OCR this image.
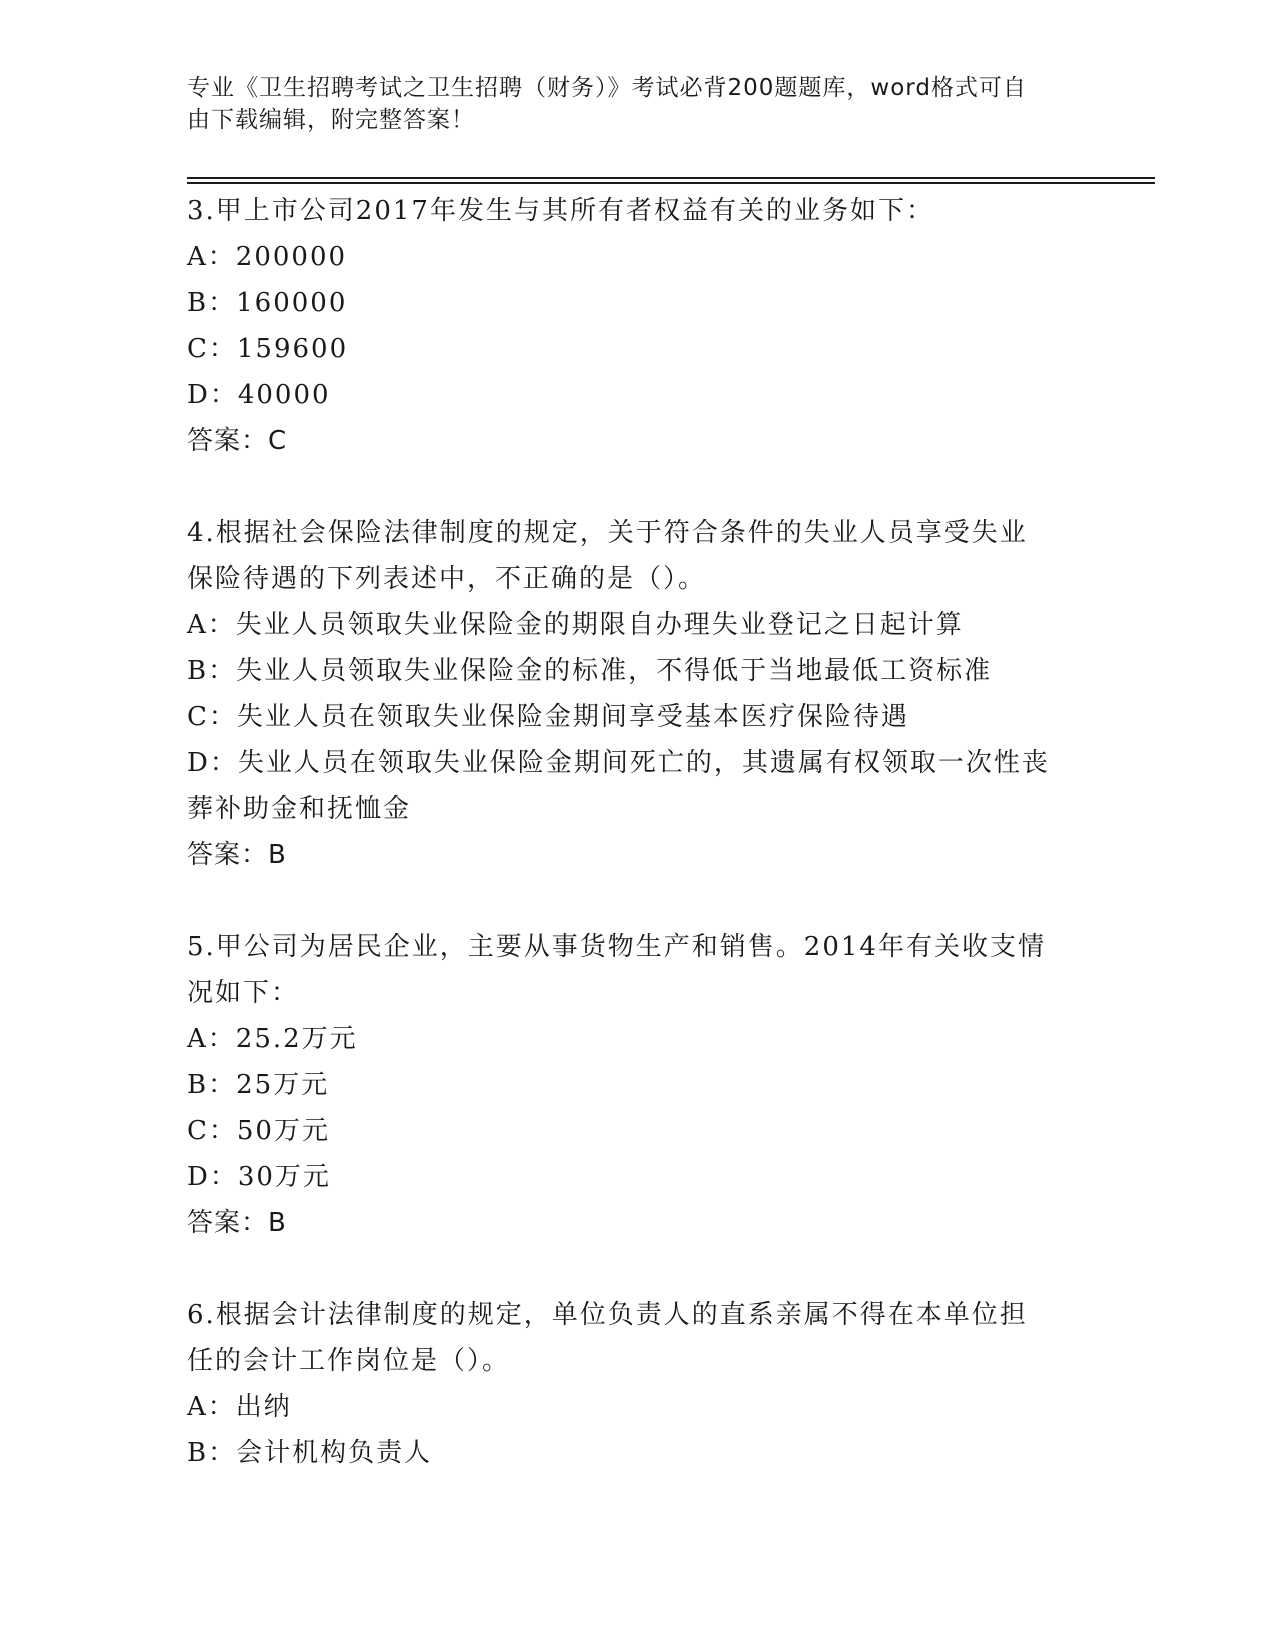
专业《卫生招聘考试之卫生招聘（财务）》考试必背200题题库，word格式可自
由下载编辑，附完整答案！
3.甲上市公司2017年发生与其所有者权益有关的业务如下：
A：200000
B：160000
C：159600
D：40000
答案：C
4.根据社会保险法律制度的规定，关于符合条件的失业人员享受失业
保险待遇的下列表述中，不正确的是（）。
A：失业人员领取失业保险金的期限自办理失业登记之日起计算
B：失业人员领取失业保险金的标准，不得低于当地最低工资标准
C：失业人员在领取失业保险金期间享受基本医疗保险待遇
D：失业人员在领取失业保险金期间死亡的，其遗属有权领取一次性丧
葬补助金和抚恤金
答案：B
5.甲公司为居民企业，主要从事货物生产和销售。2014年有关收支情
况如下：
A：25.2万元
B：25万元
C：50万元
D：30万元
答案：B
6.根据会计法律制度的规定，单位负责人的直系亲属不得在本单位担
任的会计工作岗位是（）。
A：出纳
B：会计机构负责人
